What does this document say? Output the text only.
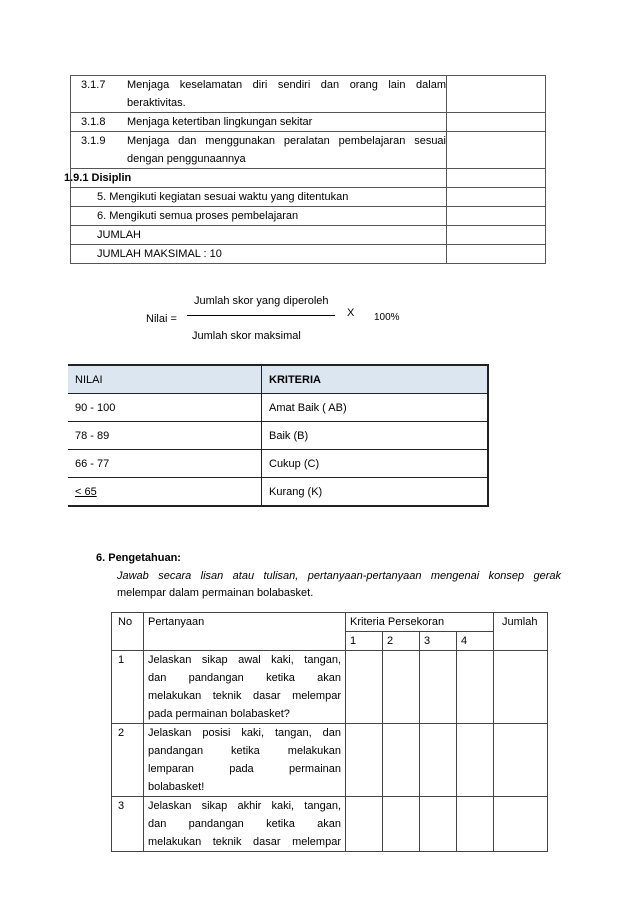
3.1.7 Menjaga keselamatan diri sendiri dan orang lain dalam
beraktivitas.	

3.1.8 Menjaga ketertiban lingkungan sekitar	

3.1.9 Menjaga dan menggunakan peralatan pembelajaran sesuai
dengan penggunaannya	

1.9.1 Disiplin	
5. Mengikuti kegiatan sesuai waktu yang ditentukan	
6. Mengikuti semua proses pembelajaran	
JUMLAH	
JUMLAH MAKSIMAL : 10	
Jumlah skor yang diperoleh
Nilai =	X 100%
Jumlah skor maksimal
NILAI	KRITERIA
90 - 100	Amat Baik ( AB)
78 - 89	Baik (B)
66 - 77	Cukup (C)
< 65	Kurang (K)
6. Pengetahuan:
Jawab secara lisan atau tulisan, pertanyaan-pertanyaan mengenai konsep gerak
melempar dalam permainan bolabasket.
No	Pertanyaan	Kriteria Persekoran				Jumlah
		1	2	3	4	
1	Jelaskan sikap awal kaki, tangan,
dan pandangan ketika akan
melakukan teknik dasar melempar
pada permainan bolabasket?					

2	Jelaskan posisi kaki, tangan, dan
pandangan ketika melakukan
lemparan pada permainan
bolabasket!					

3	Jelaskan sikap akhir kaki, tangan,
dan pandangan ketika akan
melakukan teknik dasar melempar					
